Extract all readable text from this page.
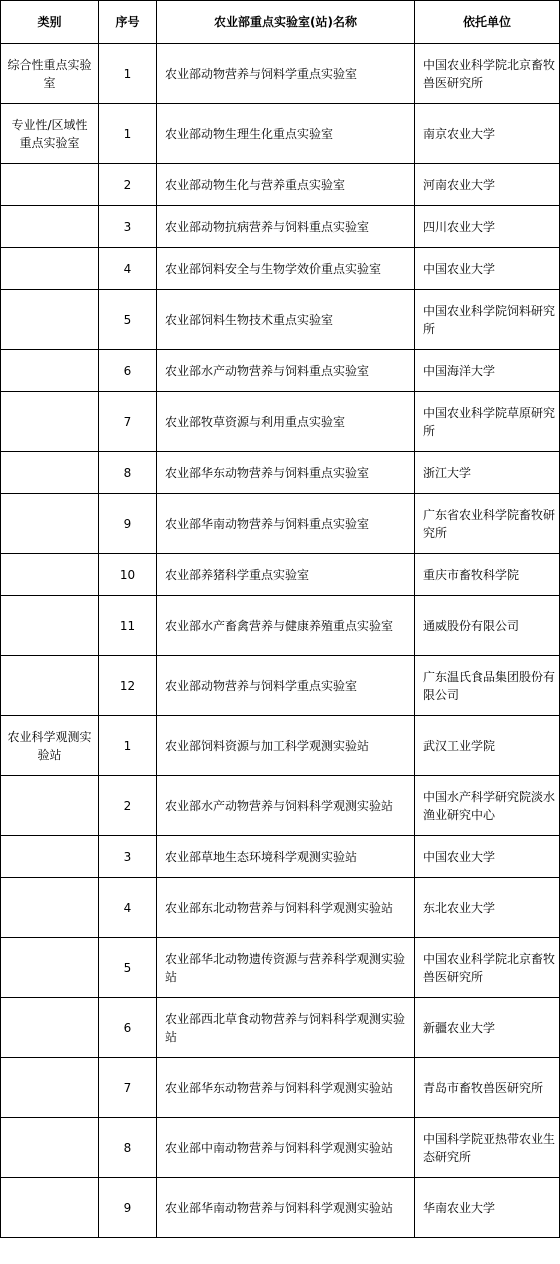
类别	序号	农业部重点实验室(站)名称	依托单位
综合性重点实验室	1	农业部动物营养与饲料学重点实验室	中国农业科学院北京畜牧兽医研究所
专业性/区域性重点实验室	1	农业部动物生理生化重点实验室	南京农业大学
	2	农业部动物生化与营养重点实验室	河南农业大学
	3	农业部动物抗病营养与饲料重点实验室	四川农业大学
	4	农业部饲料安全与生物学效价重点实验室	中国农业大学
	5	农业部饲料生物技术重点实验室	中国农业科学院饲料研究所
	6	农业部水产动物营养与饲料重点实验室	中国海洋大学
	7	农业部牧草资源与利用重点实验室	中国农业科学院草原研究所
	8	农业部华东动物营养与饲料重点实验室	浙江大学
	9	农业部华南动物营养与饲料重点实验室	广东省农业科学院畜牧研究所
	10	农业部养猪科学重点实验室	重庆市畜牧科学院
	11	农业部水产畜禽营养与健康养殖重点实验室	通威股份有限公司
	12	农业部动物营养与饲料学重点实验室	广东温氏食品集团股份有限公司
农业科学观测实验站	1	农业部饲料资源与加工科学观测实验站	武汉工业学院
	2	农业部水产动物营养与饲料科学观测实验站	中国水产科学研究院淡水渔业研究中心
	3	农业部草地生态环境科学观测实验站	中国农业大学
	4	农业部东北动物营养与饲料科学观测实验站	东北农业大学
	5	农业部华北动物遗传资源与营养科学观测实验站	中国农业科学院北京畜牧兽医研究所
	6	农业部西北草食动物营养与饲料科学观测实验站	新疆农业大学
	7	农业部华东动物营养与饲料科学观测实验站	青岛市畜牧兽医研究所
	8	农业部中南动物营养与饲料科学观测实验站	中国科学院亚热带农业生态研究所
	9	农业部华南动物营养与饲料科学观测实验站	华南农业大学
